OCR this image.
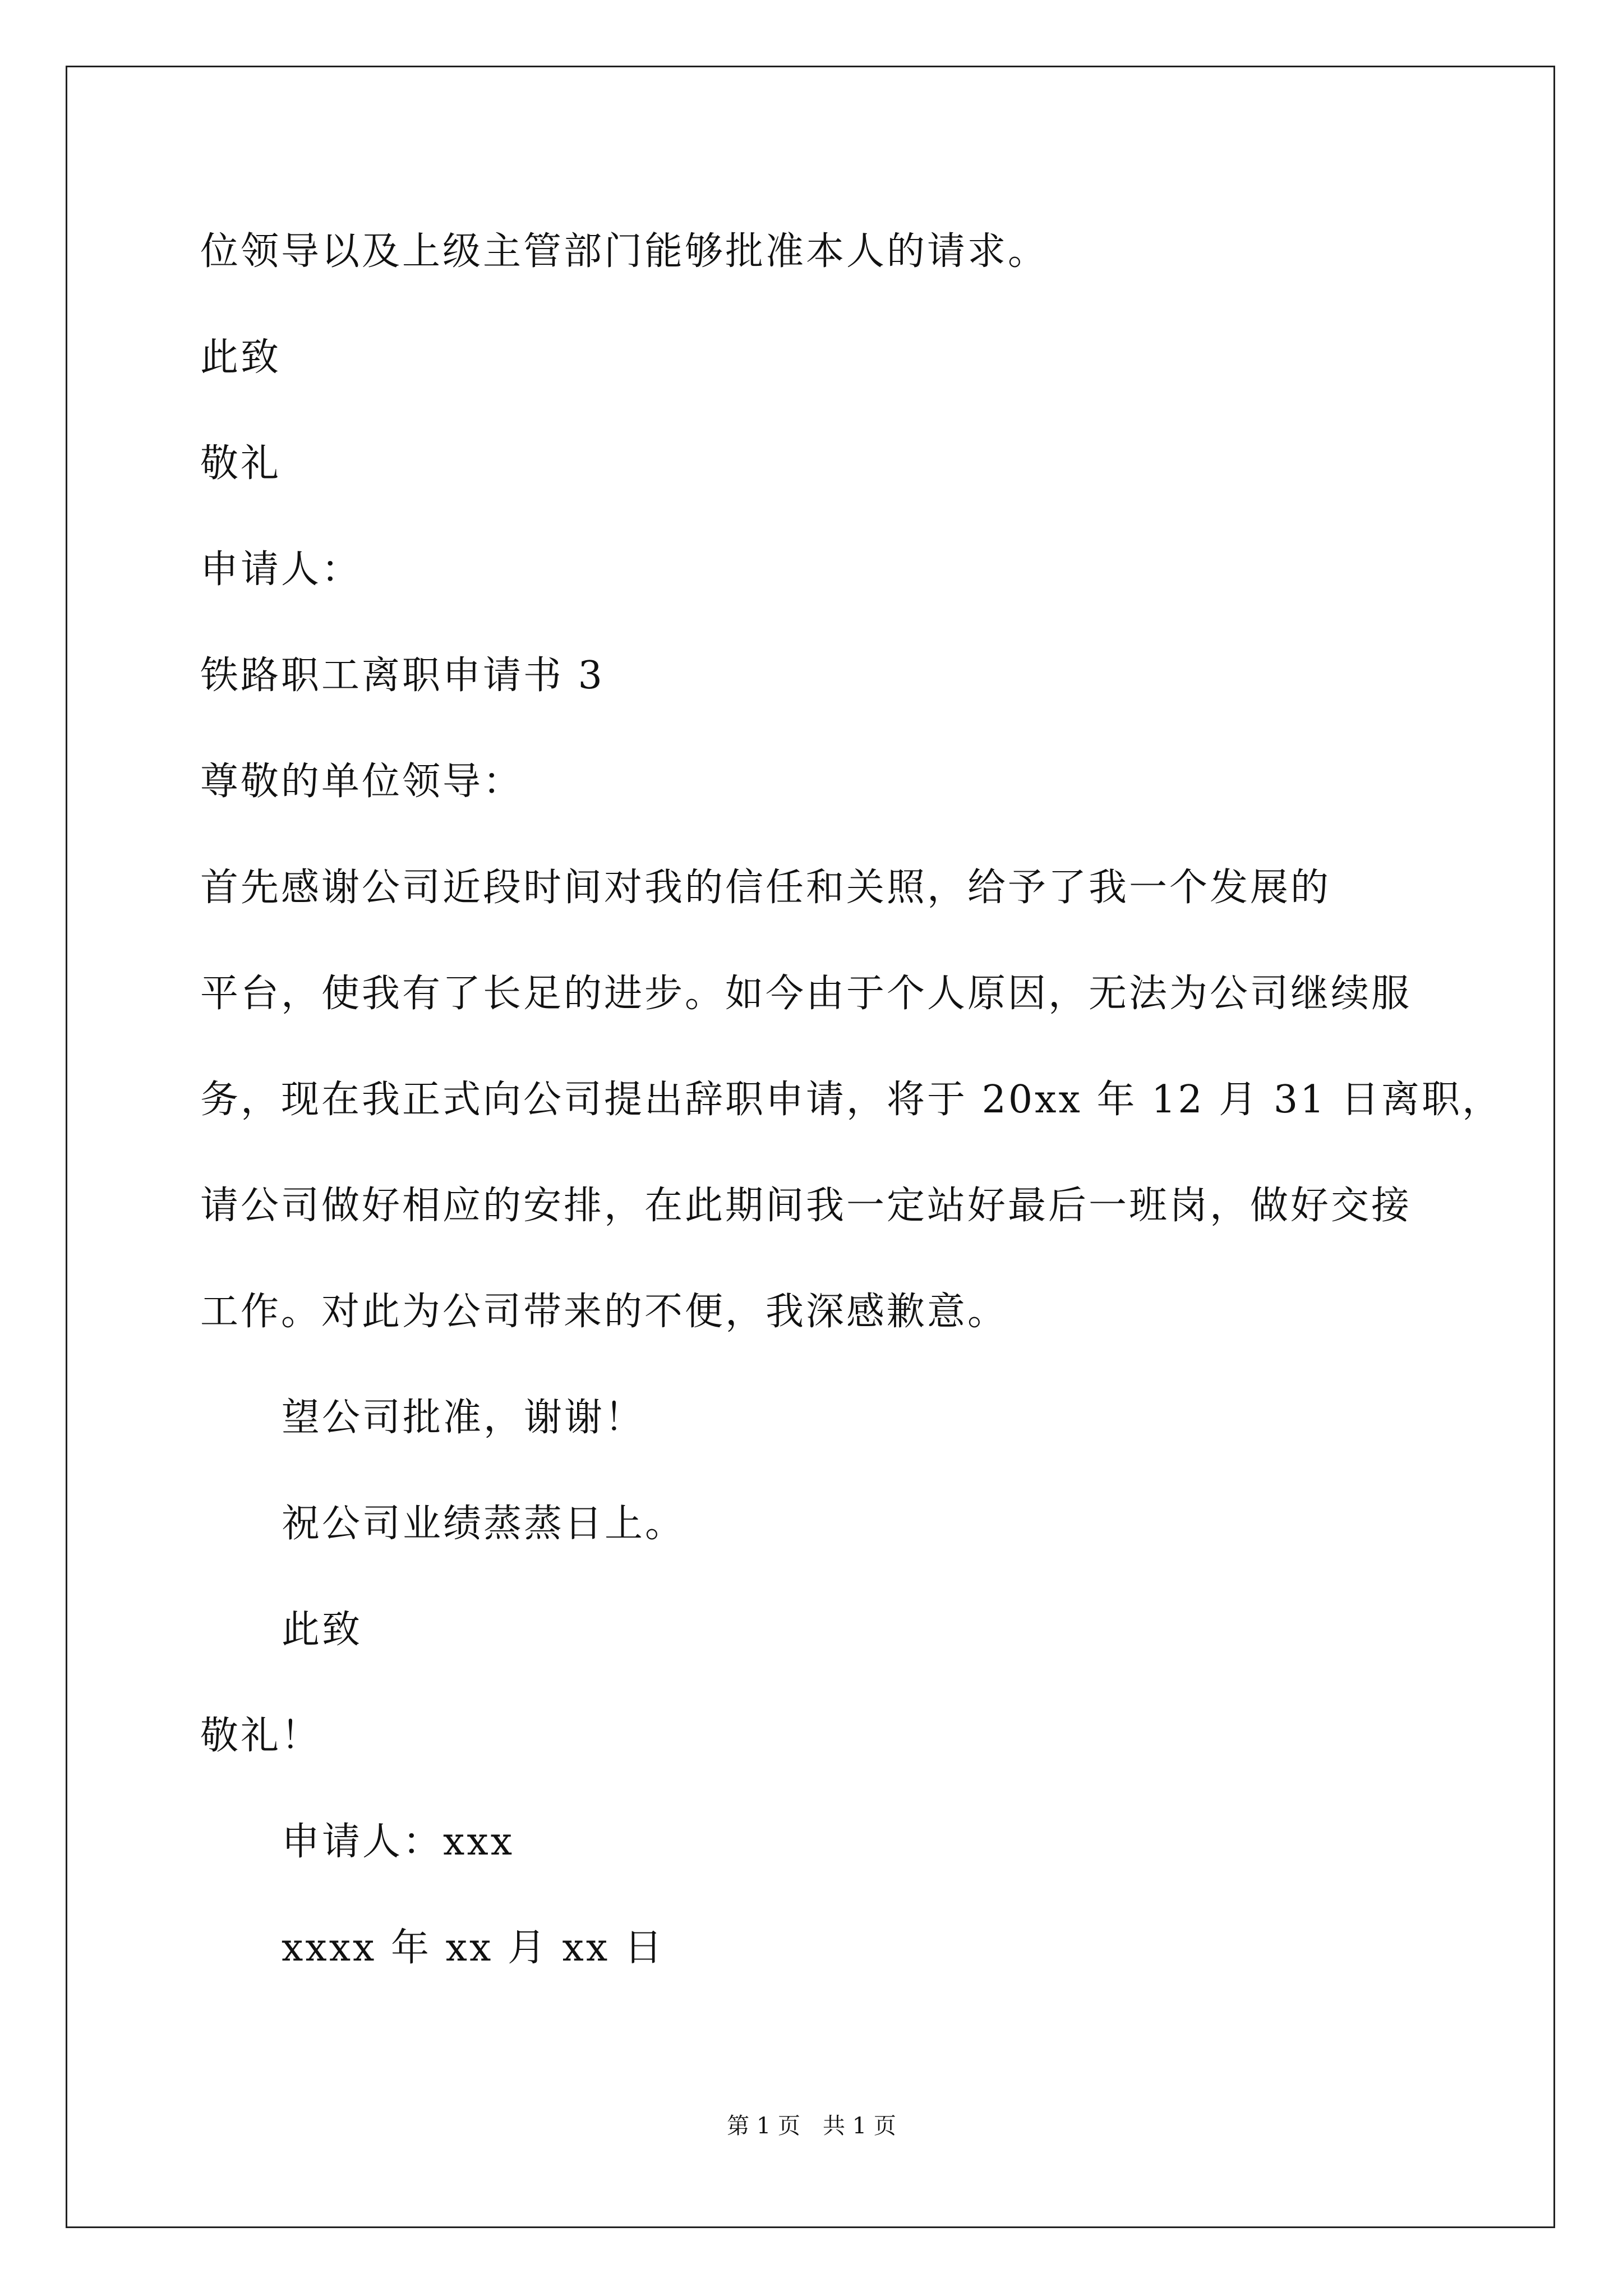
位领导以及上级主管部门能够批准本人的请求。
此致
敬礼
申请人：
铁路职工离职申请书 3
尊敬的单位领导：
首先感谢公司近段时间对我的信任和关照，给予了我一个发展的
平台，使我有了长足的进步。如今由于个人原因，无法为公司继续服
务，现在我正式向公司提出辞职申请，将于 20xx 年 12 月 31 日离职，
请公司做好相应的安排，在此期间我一定站好最后一班岗，做好交接
工作。对此为公司带来的不便，我深感歉意。
望公司批准，谢谢！
祝公司业绩蒸蒸日上。
此致
敬礼！
申请人：xxx
xxxx 年 xx 月 xx 日
第 1 页　共 1 页
